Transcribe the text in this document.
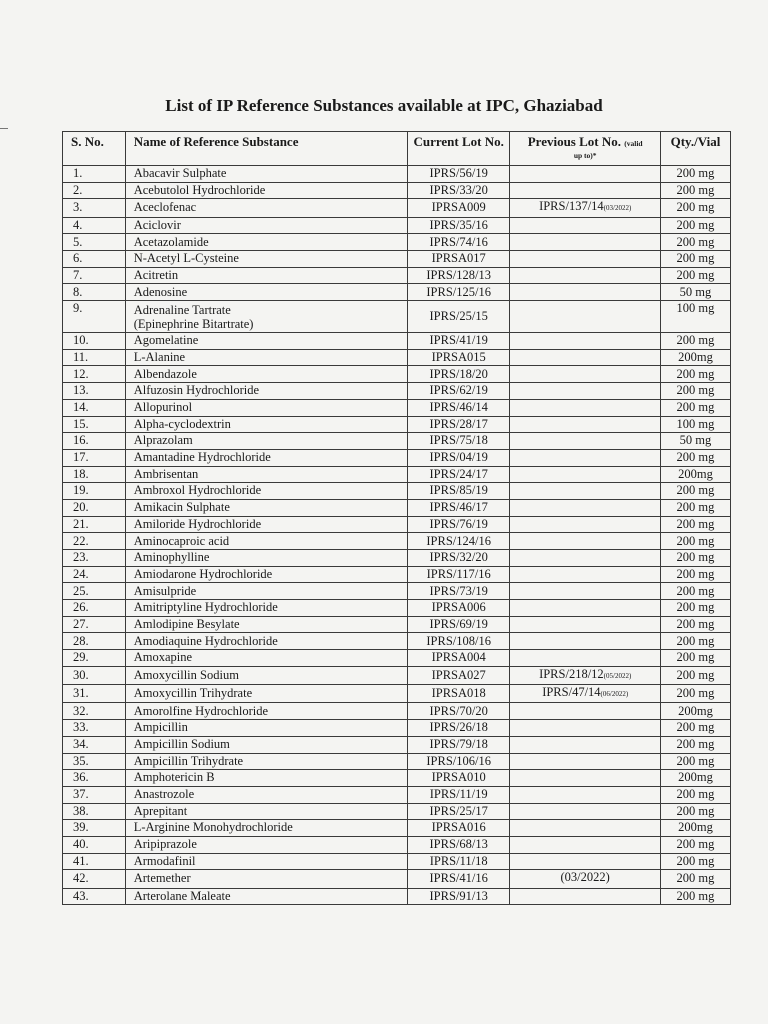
List of IP Reference Substances available at IPC, Ghaziabad
S. No.	Name of Reference Substance	Current Lot No.	Previous Lot No. (valid
up to)*	Qty./Vial
1.	Abacavir Sulphate	IPRS/56/19		200 mg
2.	Acebutolol Hydrochloride	IPRS/33/20		200 mg
3.	Aceclofenac	IPRSA009	IPRS/137/14(03/2022)	200 mg
4.	Aciclovir	IPRS/35/16		200 mg
5.	Acetazolamide	IPRS/74/16		200 mg
6.	N-Acetyl L-Cysteine	IPRSA017		200 mg
7.	Acitretin	IPRS/128/13		200 mg
8.	Adenosine	IPRS/125/16		50 mg
9.	Adrenaline Tartrate
(Epinephrine Bitartrate)	IPRS/25/15		100 mg
10.	Agomelatine	IPRS/41/19		200 mg
11.	L-Alanine	IPRSA015		200mg
12.	Albendazole	IPRS/18/20		200 mg
13.	Alfuzosin Hydrochloride	IPRS/62/19		200 mg
14.	Allopurinol	IPRS/46/14		200 mg
15.	Alpha-cyclodextrin	IPRS/28/17		100 mg
16.	Alprazolam	IPRS/75/18		50 mg
17.	Amantadine Hydrochloride	IPRS/04/19		200 mg
18.	Ambrisentan	IPRS/24/17		200mg
19.	Ambroxol Hydrochloride	IPRS/85/19		200 mg
20.	Amikacin Sulphate	IPRS/46/17		200 mg
21.	Amiloride Hydrochloride	IPRS/76/19		200 mg
22.	Aminocaproic acid	IPRS/124/16		200 mg
23.	Aminophylline	IPRS/32/20		200 mg
24.	Amiodarone Hydrochloride	IPRS/117/16		200 mg
25.	Amisulpride	IPRS/73/19		200 mg
26.	Amitriptyline Hydrochloride	IPRSA006		200 mg
27.	Amlodipine Besylate	IPRS/69/19		200 mg
28.	Amodiaquine Hydrochloride	IPRS/108/16		200 mg
29.	Amoxapine	IPRSA004		200 mg
30.	Amoxycillin Sodium	IPRSA027	IPRS/218/12(05/2022)	200 mg
31.	Amoxycillin Trihydrate	IPRSA018	IPRS/47/14(06/2022)	200 mg
32.	Amorolfine Hydrochloride	IPRS/70/20		200mg
33.	Ampicillin	IPRS/26/18		200 mg
34.	Ampicillin Sodium	IPRS/79/18		200 mg
35.	Ampicillin Trihydrate	IPRS/106/16		200 mg
36.	Amphotericin B	IPRSA010		200mg
37.	Anastrozole	IPRS/11/19		200 mg
38.	Aprepitant	IPRS/25/17		200 mg
39.	L-Arginine Monohydrochloride	IPRSA016		200mg
40.	Aripiprazole	IPRS/68/13		200 mg
41.	Armodafinil	IPRS/11/18		200 mg
42.	Artemether	IPRS/41/16	(03/2022)	200 mg
43.	Arterolane Maleate	IPRS/91/13		200 mg
